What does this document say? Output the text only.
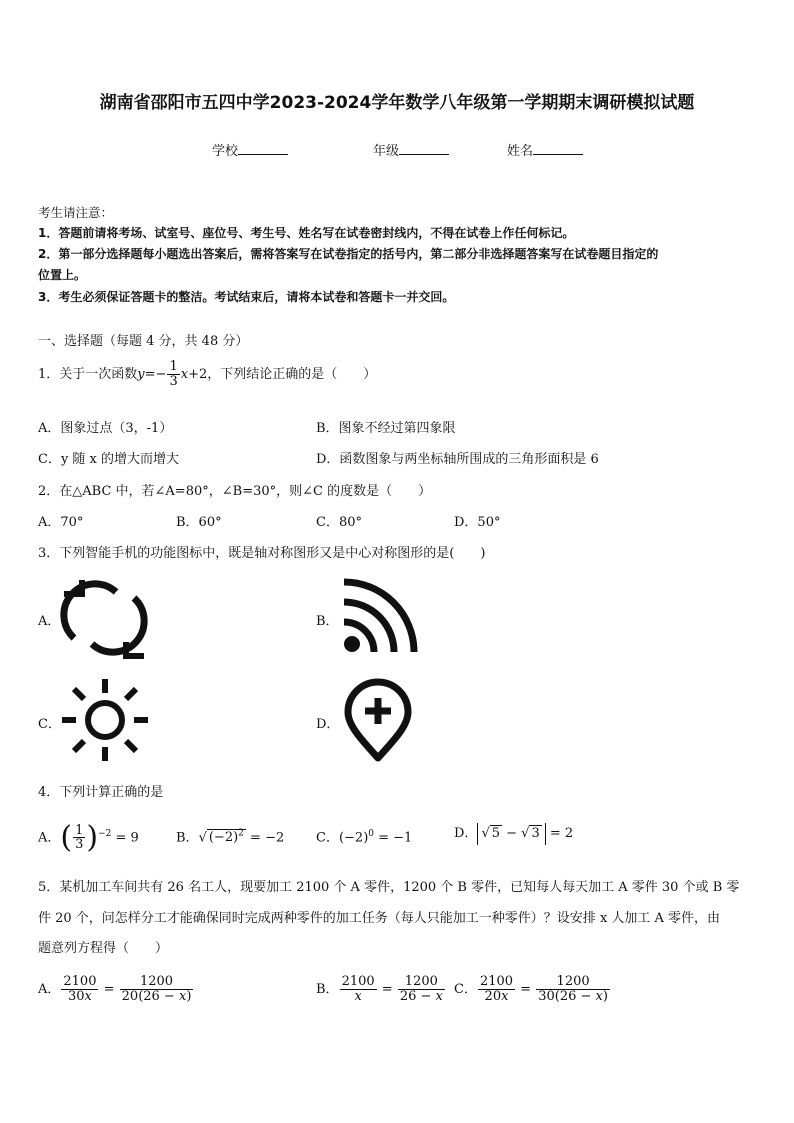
湖南省邵阳市五四中学2023-2024学年数学八年级第一学期期末调研模拟试题
学校	年级	姓名
考生请注意：
1．答题前请将考场、试室号、座位号、考生号、姓名写在试卷密封线内，不得在试卷上作任何标记。
2．第一部分选择题每小题选出答案后，需将答案写在试卷指定的括号内，第二部分非选择题答案写在试卷题目指定的
位置上。
3．考生必须保证答题卡的整洁。考试结束后，请将本试卷和答题卡一并交回。
一、选择题（每题 4 分，共 48 分）
1．关于一次函数$y=- \frac{1}{3} x+2$，下列结论正确的是（　　）
A．图象过点（3，-1）	B．图象不经过第四象限
C．y 随 x 的增大而增大	D．函数图象与两坐标轴所围成的三角形面积是 6
2．在△ABC 中，若∠A=80°，∠B=30°，则∠C 的度数是（　　）
A．70°	B．60°	C．80°	D．50°
3．下列智能手机的功能图标中，既是轴对称图形又是中心对称图形的是(　　)
A．	B．
C．	D．
4．下列计算正确的是
A．( $\frac{1}{3} )^{-2} = 9$	B．√ $(-2)^2 = -2$ C．$(-2)^0 = -1$	D． √ 5 − √ 3 = 2
5．某机加工车间共有 26 名工人，现要加工 2100 个 A 零件，1200 个 B 零件，已知每人每天加工 A 零件 30 个或 B 零
件 20 个，问怎样分工才能确保同时完成两种零件的加工任务（每人只能加工一种零件）？设安排 x 人加工 A 零件，由
题意列方程得（　　）
A． $\frac{2100}{30x} = \frac{1200}{20(26 - x)}$	B． $\frac{2100}{x} = \frac{1200}{26 - x}$ C． $\frac{2100}{20x} = \frac{1200}{30(26 - x)}$
